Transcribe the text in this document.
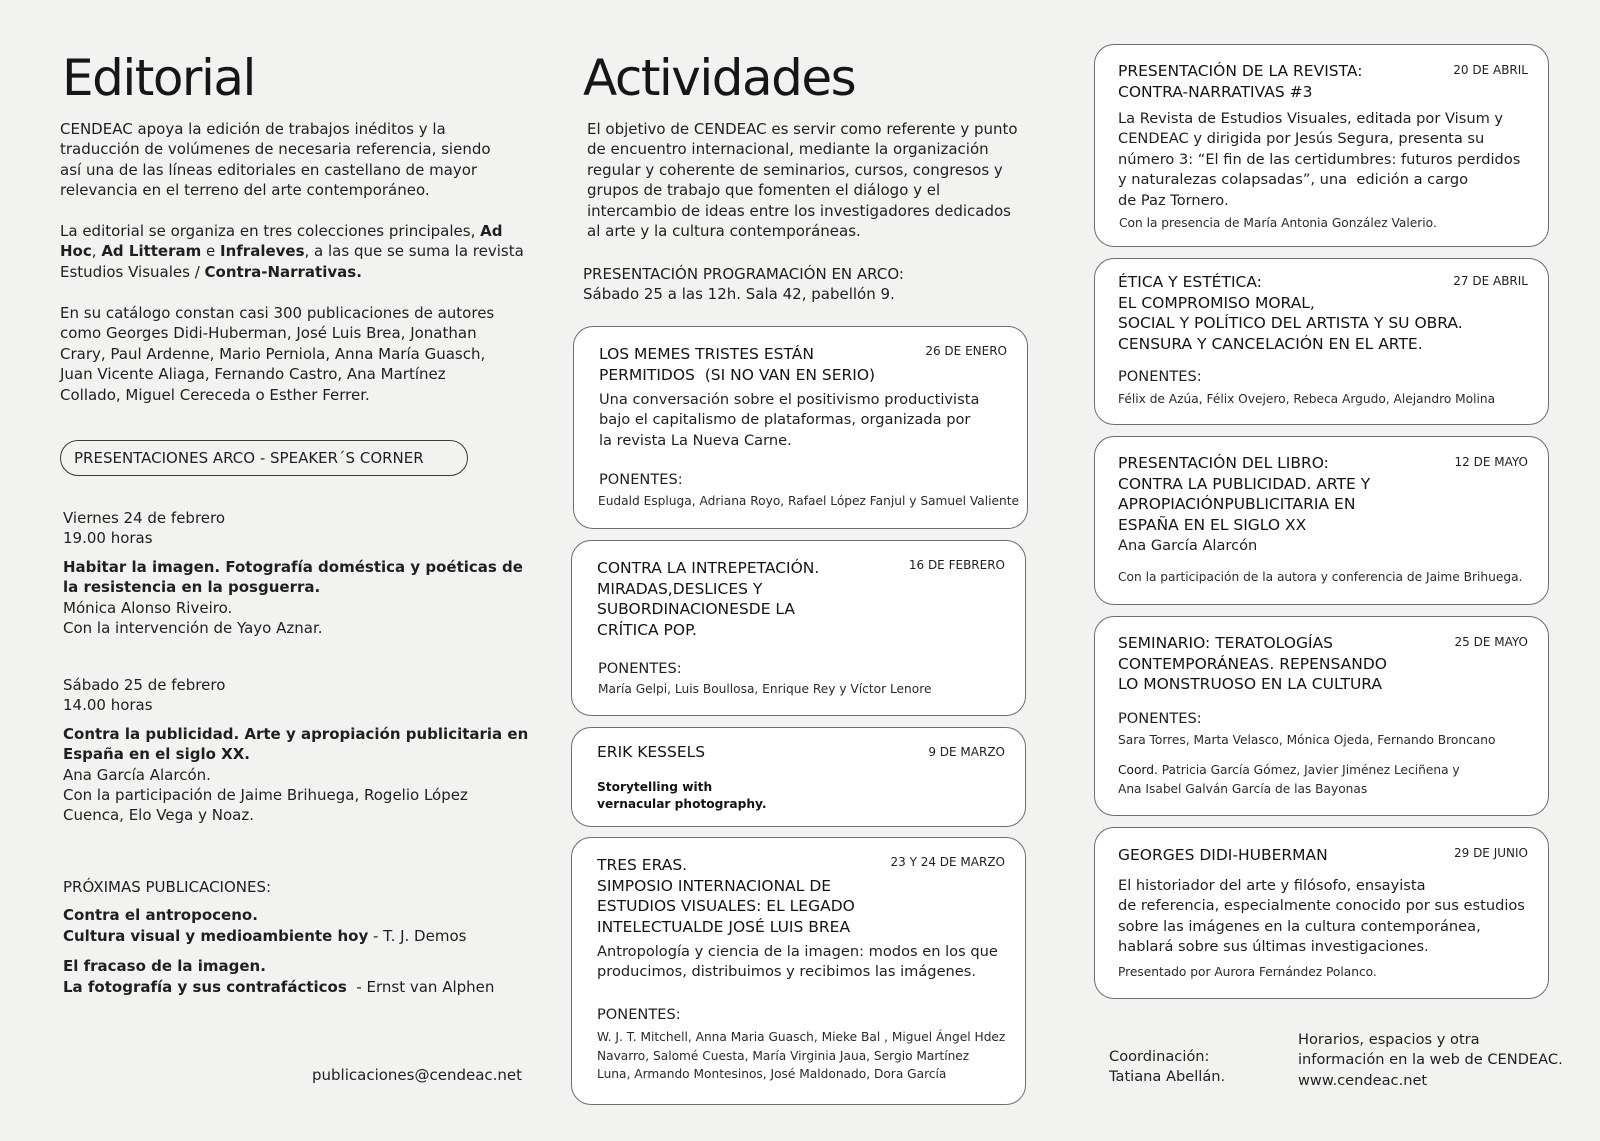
Editorial
CENDEAC apoya la edición de trabajos inéditos y la
traducción de volúmenes de necesaria referencia, siendo
así una de las líneas editoriales en castellano de mayor
relevancia en el terreno del arte contemporáneo.
La editorial se organiza en tres colecciones principales, Ad
Hoc, Ad Litteram e Infraleves, a las que se suma la revista
Estudios Visuales / Contra-Narrativas.
En su catálogo constan casi 300 publicaciones de autores
como Georges Didi-Huberman, José Luis Brea, Jonathan
Crary, Paul Ardenne, Mario Perniola, Anna María Guasch,
Juan Vicente Aliaga, Fernando Castro, Ana Martínez
Collado, Miguel Cereceda o Esther Ferrer.
PRESENTACIONES ARCO - SPEAKER´S CORNER
Viernes 24 de febrero
19.00 horas
Habitar la imagen. Fotografía doméstica y poéticas de
la resistencia en la posguerra.
Mónica Alonso Riveiro.
Con la intervención de Yayo Aznar.
Sábado 25 de febrero
14.00 horas
Contra la publicidad. Arte y apropiación publicitaria en
España en el siglo XX.
Ana García Alarcón.
Con la participación de Jaime Brihuega, Rogelio López
Cuenca, Elo Vega y Noaz.
PRÓXIMAS PUBLICACIONES:
Contra el antropoceno.
Cultura visual y medioambiente hoy - T. J. Demos
El fracaso de la imagen.
La fotografía y sus contrafácticos  - Ernst van Alphen
publicaciones@cendeac.net
Actividades
El objetivo de CENDEAC es servir como referente y punto
de encuentro internacional, mediante la organización
regular y coherente de seminarios, cursos, congresos y
grupos de trabajo que fomenten el diálogo y el
intercambio de ideas entre los investigadores dedicados
al arte y la cultura contemporáneas.
PRESENTACIÓN PROGRAMACIÓN EN ARCO:
Sábado 25 a las 12h. Sala 42, pabellón 9.
LOS MEMES TRISTES ESTÁN
PERMITIDOS  (SI NO VAN EN SERIO)
26 DE ENERO
Una conversación sobre el positivismo productivista
bajo el capitalismo de plataformas, organizada por
la revista La Nueva Carne.
PONENTES:
Eudald Espluga, Adriana Royo, Rafael López Fanjul y Samuel Valiente
CONTRA LA INTREPETACIÓN.
MIRADAS,DESLICES Y
SUBORDINACIONESDE LA
CRÍTICA POP.
16 DE FEBRERO
PONENTES:
María Gelpi, Luis Boullosa, Enrique Rey y Víctor Lenore
ERIK KESSELS	9 DE MARZO
Storytelling with
vernacular photography.
TRES ERAS.
SIMPOSIO INTERNACIONAL DE
ESTUDIOS VISUALES: EL LEGADO
INTELECTUALDE JOSÉ LUIS BREA
23 Y 24 DE MARZO
Antropología y ciencia de la imagen: modos en los que
producimos, distribuimos y recibimos las imágenes.
PONENTES:
W. J. T. Mitchell, Anna Maria Guasch, Mieke Bal , Miguel Ángel Hdez
Navarro, Salomé Cuesta, María Virginia Jaua, Sergio Martínez
Luna, Armando Montesinos, José Maldonado, Dora García
PRESENTACIÓN DE LA REVISTA:
CONTRA-NARRATIVAS #3
20 DE ABRIL
La Revista de Estudios Visuales, editada por Visum y
CENDEAC y dirigida por Jesús Segura, presenta su
número 3: “El fin de las certidumbres: futuros perdidos
y naturalezas colapsadas”, una  edición a cargo
de Paz Tornero.
Con la presencia de María Antonia González Valerio.
ÉTICA Y ESTÉTICA:
EL COMPROMISO MORAL,
SOCIAL Y POLÍTICO DEL ARTISTA Y SU OBRA.
CENSURA Y CANCELACIÓN EN EL ARTE.
27 DE ABRIL
PONENTES:
Félix de Azúa, Félix Ovejero, Rebeca Argudo, Alejandro Molina
PRESENTACIÓN DEL LIBRO:
CONTRA LA PUBLICIDAD. ARTE Y
APROPIACIÓNPUBLICITARIA EN
ESPAÑA EN EL SIGLO XX
12 DE MAYO
Ana García Alarcón
Con la participación de la autora y conferencia de Jaime Brihuega.
SEMINARIO: TERATOLOGÍAS
CONTEMPORÁNEAS. REPENSANDO
LO MONSTRUOSO EN LA CULTURA
25 DE MAYO
PONENTES:
Sara Torres, Marta Velasco, Mónica Ojeda, Fernando Broncano
Coord. Patricia García Gómez, Javier Jiménez Leciñena y
Ana Isabel Galván García de las Bayonas
GEORGES DIDI-HUBERMAN	29 DE JUNIO
El historiador del arte y filósofo, ensayista
de referencia, especialmente conocido por sus estudios
sobre las imágenes en la cultura contemporánea,
hablará sobre sus últimas investigaciones.
Presentado por Aurora Fernández Polanco.
Coordinación:
Tatiana Abellán.
Horarios, espacios y otra
información en la web de CENDEAC.
www.cendeac.net
